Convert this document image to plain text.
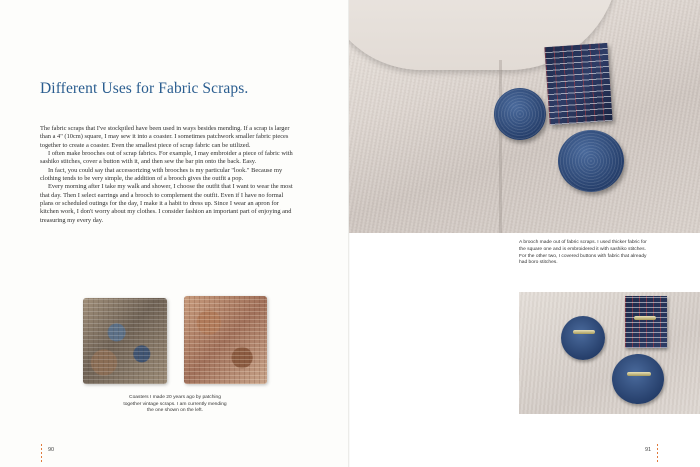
Different Uses for Fabric Scraps.

The fabric scraps that I've stockpiled have been used in ways besides mending. If a scrap is larger than a 4" (10cm) square, I may sew it into a coaster. I sometimes patchwork smaller fabric pieces together to create a coaster. Even the smallest piece of scrap fabric can be utilized.

I often make brooches out of scrap fabrics. For example, I may embroider a piece of fabric with sashiko stitches, cover a button with it, and then sew the bar pin onto the back. Easy.

In fact, you could say that accessorizing with brooches is my particular "look." Because my clothing tends to be very simple, the addition of a brooch gives the outfit a pop.

Every morning after I take my walk and shower, I choose the outfit that I want to wear the most that day. Then I select earrings and a brooch to complement the outfit. Even if I have no formal plans or scheduled outings for the day, I make it a habit to dress up. Since I wear an apron for kitchen work, I don't worry about my clothes. I consider fashion an important part of enjoying and treasuring my every day.

Coasters I made 20 years ago by patching together vintage scraps. I am currently mending the one shown on the left.
90
A brooch made out of fabric scraps. I used thicker fabric for the square one and is embroidered it with sashiko stitches. For the other two, I covered buttons with fabric that already had boro stitches.
91
